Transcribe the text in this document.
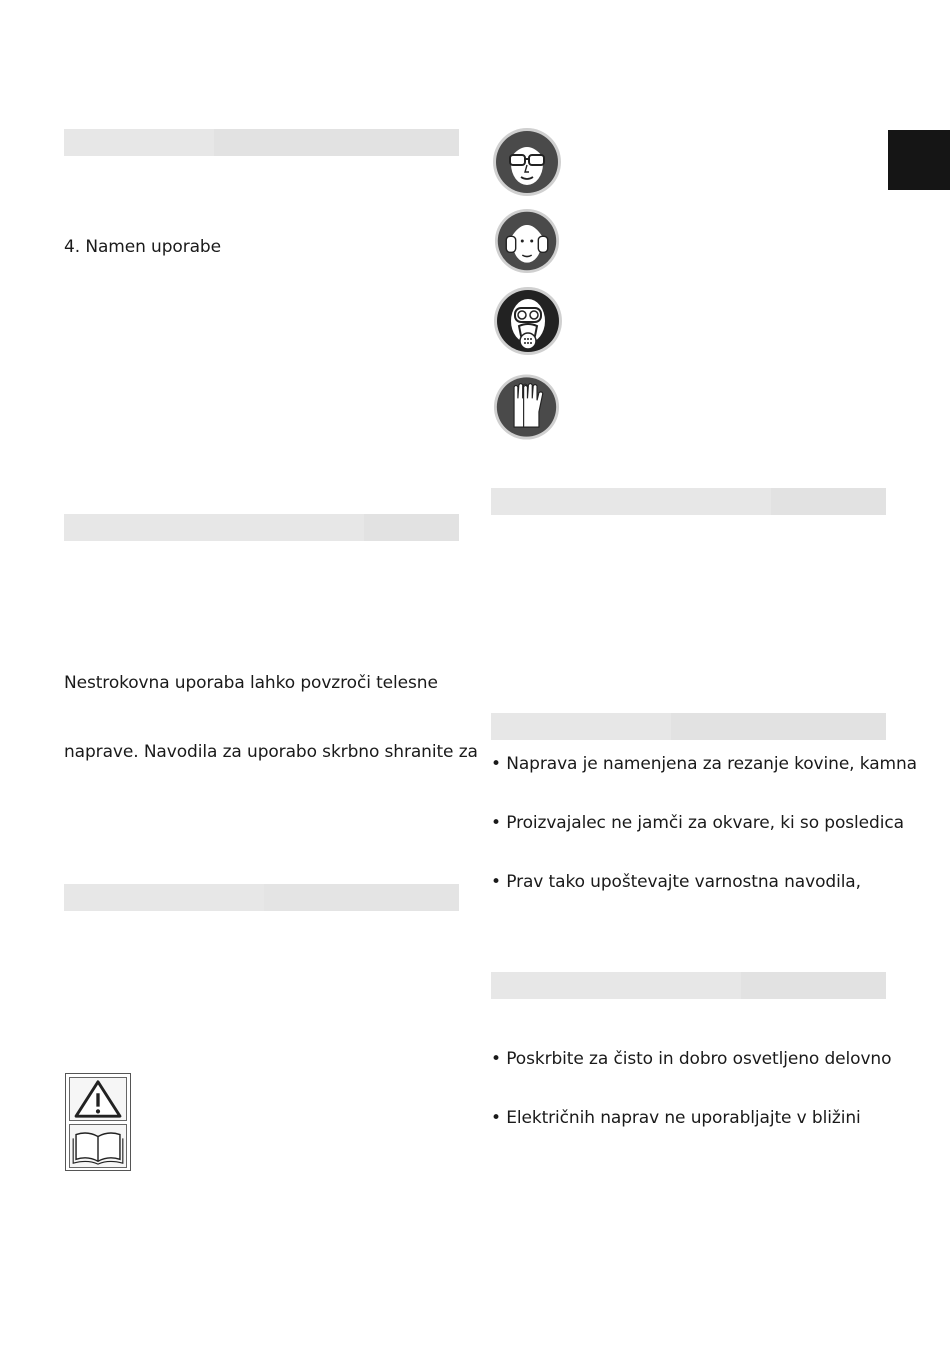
4. Namen uporabe
Nestrokovna uporaba lahko povzroči telesne
naprave. Navodila za uporabo skrbno shranite za
• Naprava je namenjena za rezanje kovine, kamna
• Proizvajalec ne jamči za okvare, ki so posledica
• Prav tako upoštevajte varnostna navodila,
• Poskrbite za čisto in dobro osvetljeno delovno
• Električnih naprav ne uporabljajte v bližini
